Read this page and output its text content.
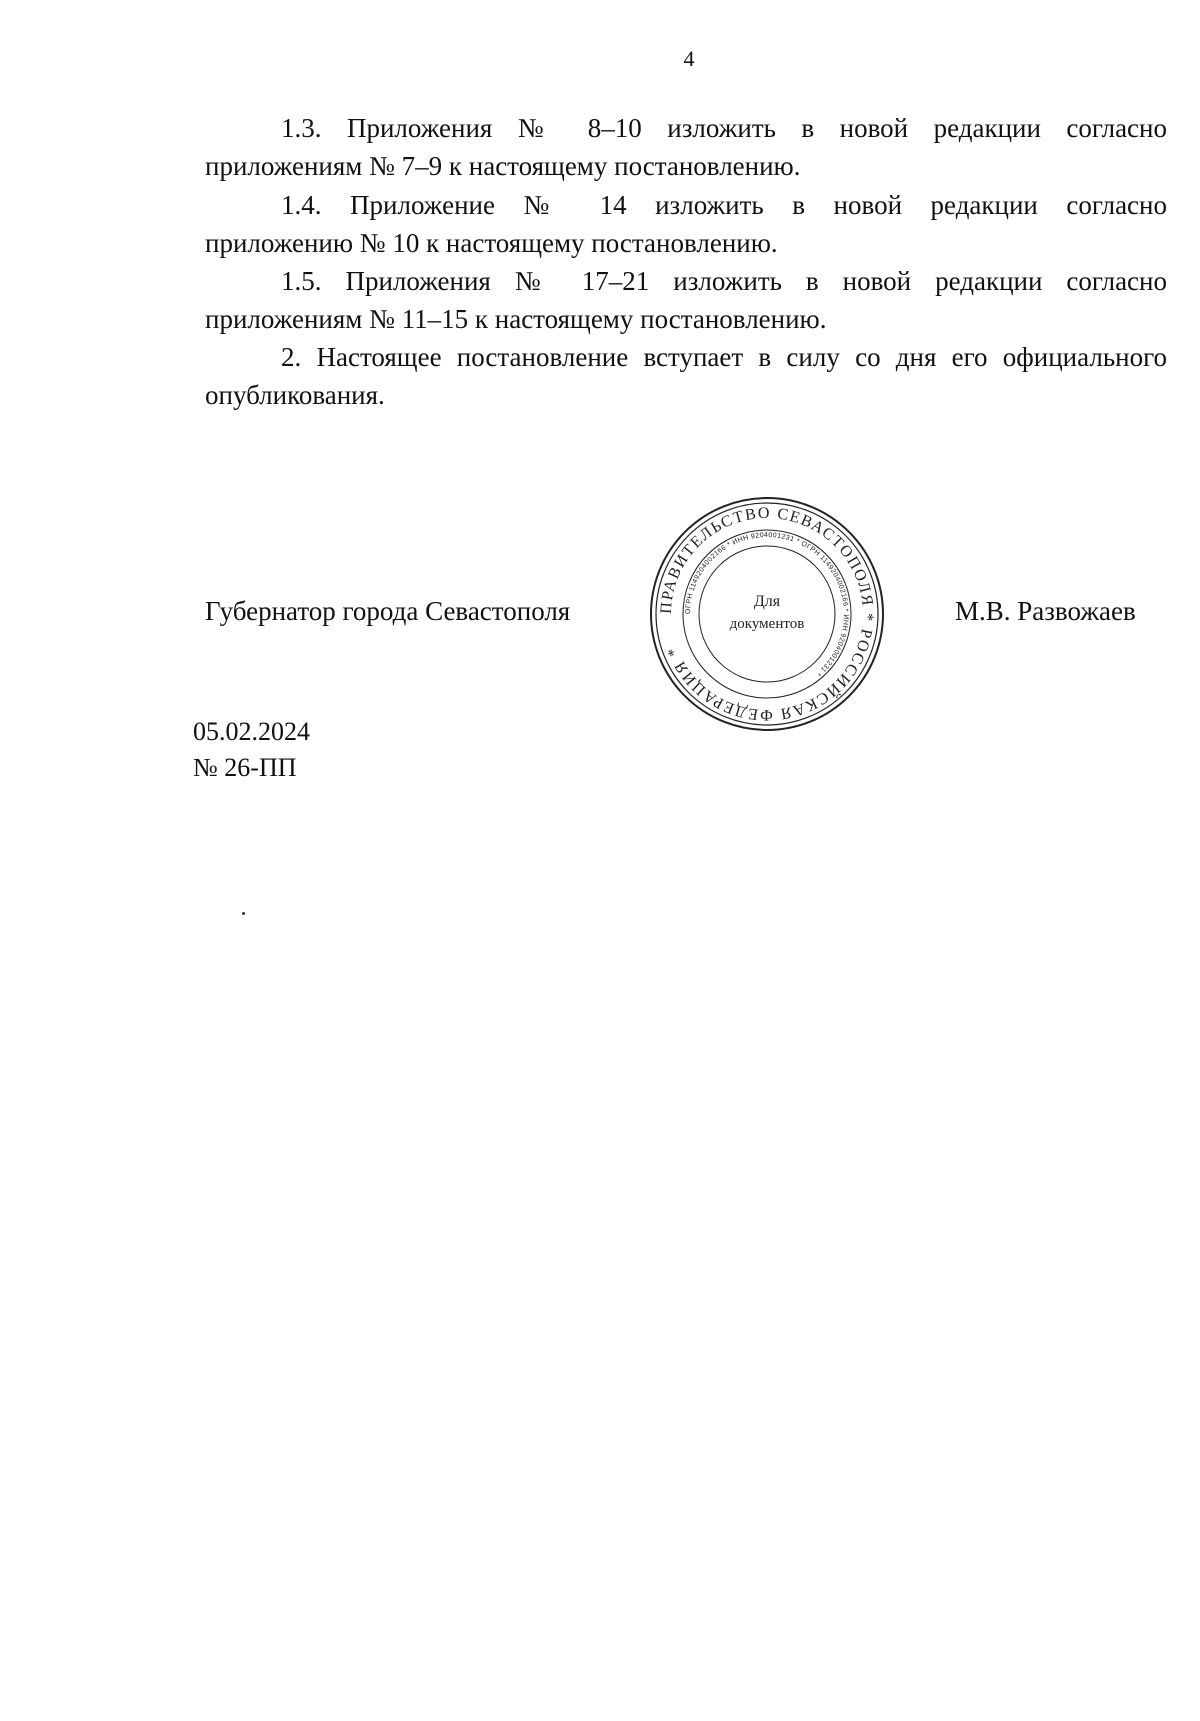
4
1.3. Приложения № 8–10 изложить в новой редакции согласно
приложениям № 7–9 к настоящему постановлению.
1.4. Приложение № 14 изложить в новой редакции согласно
приложению № 10 к настоящему постановлению.
1.5. Приложения № 17–21 изложить в новой редакции согласно
приложениям № 11–15 к настоящему постановлению.
2. Настоящее постановление вступает в силу со дня его официального
опубликования.
Губернатор города Севастополя	ПРАВИТЕЛЬСТВО СЕВАСТОПОЛЯ * РОССИЙСКАЯ ФЕДЕРАЦИЯ *
ОГРН 1149204002166 * ИНН 9204001231 * ОГРН 1149204002166 * ИНН 9204001231 *
Для
документов	М.В. Развожаев
05.02.2024
№ 26-ПП
